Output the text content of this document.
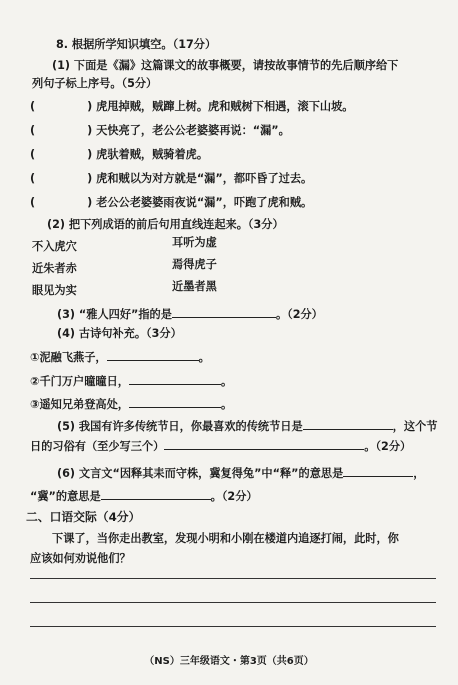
8. 根据所学知识填空。（17分）
(1) 下面是《漏》这篇课文的故事概要，请按故事情节的先后顺序给下
列句子标上序号。（5分）
(	) 虎甩掉贼，贼蹿上树。虎和贼树下相遇，滚下山坡。
(	) 天快亮了，老公公老婆婆再说：“漏”。
(	) 虎驮着贼，贼骑着虎。
(	) 虎和贼以为对方就是“漏”，都吓昏了过去。
(	) 老公公老婆婆雨夜说“漏”，吓跑了虎和贼。
(2) 把下列成语的前后句用直线连起来。（3分）
不入虎穴	耳听为虚
近朱者赤	焉得虎子
眼见为实	近墨者黑
(3) “雅人四好”指的是	。（2分）
(4) 古诗句补充。（3分）
①泥融飞燕子，	。
②千门万户曈曈日，	。
③遥知兄弟登高处，	。
(5) 我国有许多传统节日，你最喜欢的传统节日是	，这个节
日的习俗有（至少写三个）	。（2分）
(6) 文言文“因释其耒而守株，冀复得兔”中“释”的意思是	，
“冀”的意思是	。（2分）
二、口语交际（4分）
下课了，当你走出教室，发现小明和小刚在楼道内追逐打闹，此时，你
应该如何劝说他们？
（NS）三年级语文・第3页（共6页）
